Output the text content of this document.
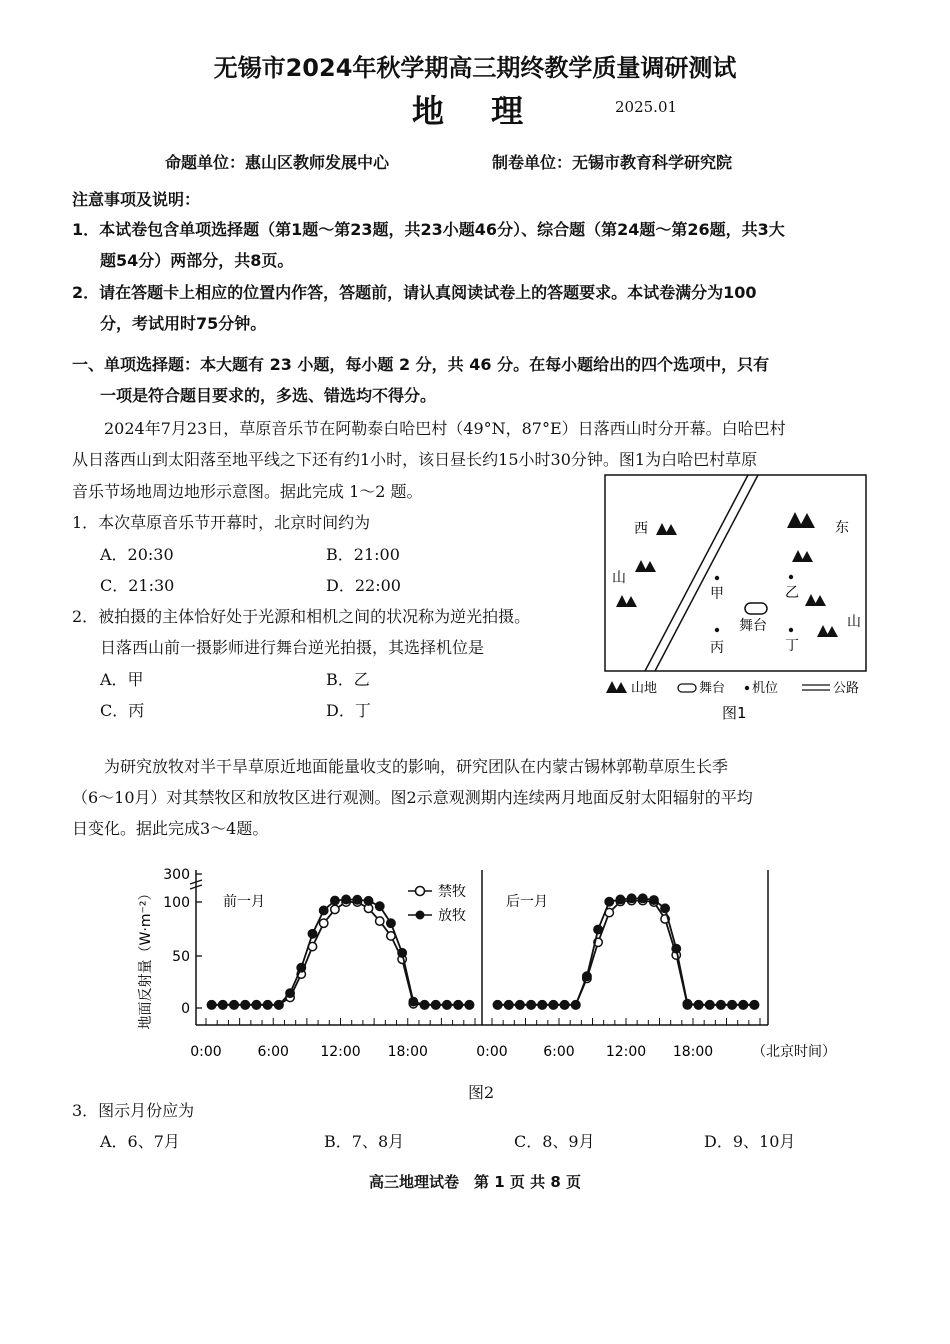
无锡市2024年秋学期高三期终教学质量调研测试
地 理	2025.01
命题单位：惠山区教师发展中心	制卷单位：无锡市教育科学研究院
注意事项及说明：
1．本试卷包含单项选择题（第1题～第23题，共23小题46分）、综合题（第24题～第26题，共3大
题54分）两部分，共8页。
2．请在答题卡上相应的位置内作答，答题前，请认真阅读试卷上的答题要求。本试卷满分为100
分，考试用时75分钟。
一、单项选择题：本大题有 23 小题，每小题 2 分，共 46 分。在每小题给出的四个选项中，只有
一项是符合题目要求的，多选、错选均不得分。
2024年7月23日，草原音乐节在阿勒泰白哈巴村（49°N，87°E）日落西山时分开幕。白哈巴村
从日落西山到太阳落至地平线之下还有约1小时，该日昼长约15小时30分钟。图1为白哈巴村草原
音乐节场地周边地形示意图。据此完成 1～2 题。
1．本次草原音乐节开幕时，北京时间约为
A．20:30	B．21:00
C．21:30	D．22:00
2．被拍摄的主体恰好处于光源和相机之间的状况称为逆光拍摄。
日落西山前一摄影师进行舞台逆光拍摄，其选择机位是
A．甲	B．乙
C．丙	D．丁
西
山
东
山
甲	乙
丙	丁
舞台
山地	舞台 机位	公路
图1
为研究放牧对半干旱草原近地面能量收支的影响，研究团队在内蒙古锡林郭勒草原生长季
（6～10月）对其禁牧区和放牧区进行观测。图2示意观测期内连续两月地面反射太阳辐射的平均
日变化。据此完成3～4题。
地面反射量（W·m⁻²）	禁牧
放牧
前一月	后一月
（北京时间）
0
50
100
300
0:00	6:00 12:00 18:00	0:00	6:00 12:00 18:00
图2
3．图示月份应为
A．6、7月	B．7、8月	C．8、9月	D．9、10月
高三地理试卷　第 1 页 共 8 页
